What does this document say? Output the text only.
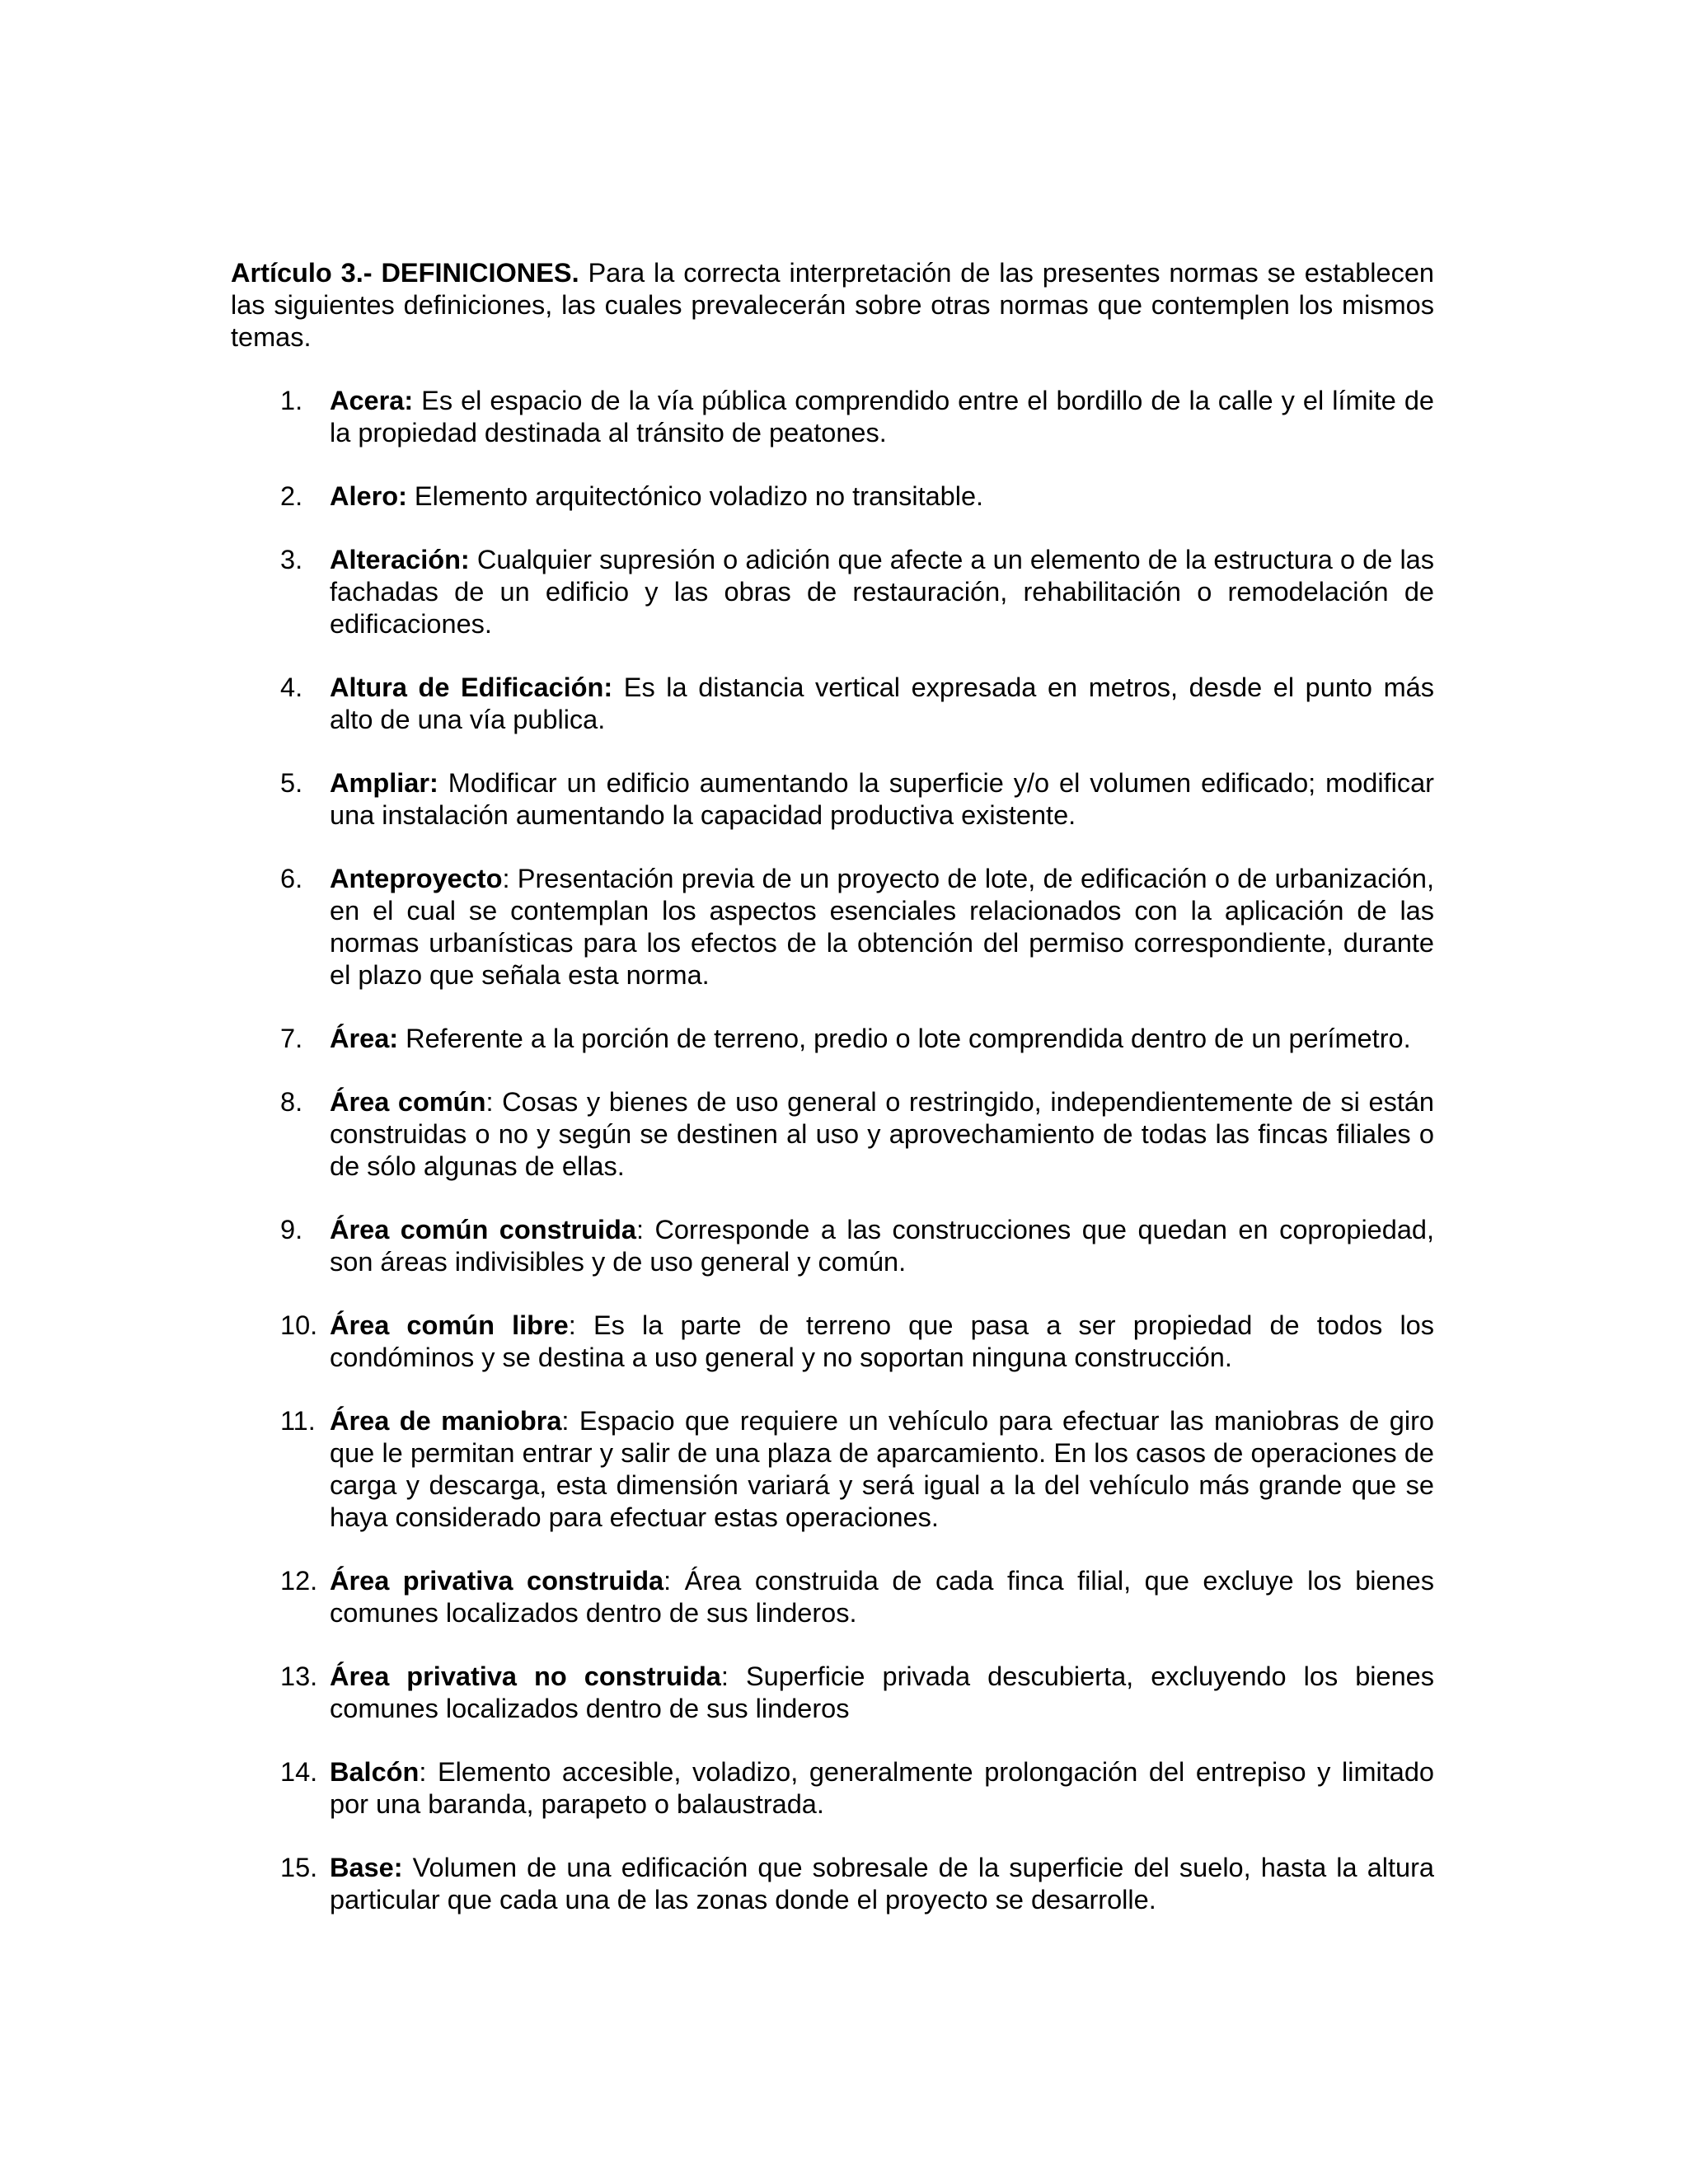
Artículo 3.- DEFINICIONES. Para la correcta interpretación de las presentes normas se establecen las siguientes definiciones, las cuales prevalecerán sobre otras normas que contemplen los mismos temas.

1. Acera: Es el espacio de la vía pública comprendido entre el bordillo de la calle y el límite de la propiedad destinada al tránsito de peatones.
2. Alero: Elemento arquitectónico voladizo no transitable.
3. Alteración: Cualquier supresión o adición que afecte a un elemento de la estructura o de las fachadas de un edificio y las obras de restauración, rehabilitación o remodelación de edificaciones.
4. Altura de Edificación: Es la distancia vertical expresada en metros, desde el punto más alto de una vía publica.
5. Ampliar: Modificar un edificio aumentando la superficie y/o el volumen edificado; modificar una instalación aumentando la capacidad productiva existente.
6. Anteproyecto: Presentación previa de un proyecto de lote, de edificación o de urbanización, en el cual se contemplan los aspectos esenciales relacionados con la aplicación de las normas urbanísticas para los efectos de la obtención del permiso correspondiente, durante el plazo que señala esta norma.
7. Área: Referente a la porción de terreno, predio o lote comprendida dentro de un perímetro.
8. Área común: Cosas y bienes de uso general o restringido, independientemente de si están construidas o no y según se destinen al uso y aprovechamiento de todas las fincas filiales o de sólo algunas de ellas.
9. Área común construida: Corresponde a las construcciones que quedan en copropiedad, son áreas indivisibles y de uso general y común.
10. Área común libre: Es la parte de terreno que pasa a ser propiedad de todos los condóminos y se destina a uso general y no soportan ninguna construcción.
11. Área de maniobra: Espacio que requiere un vehículo para efectuar las maniobras de giro que le permitan entrar y salir de una plaza de aparcamiento. En los casos de operaciones de carga y descarga, esta dimensión variará y será igual a la del vehículo más grande que se haya considerado para efectuar estas operaciones.
12. Área privativa construida: Área construida de cada finca filial, que excluye los bienes comunes localizados dentro de sus linderos.
13. Área privativa no construida: Superficie privada descubierta, excluyendo los bienes comunes localizados dentro de sus linderos
14. Balcón: Elemento accesible, voladizo, generalmente prolongación del entrepiso y limitado por una baranda, parapeto o balaustrada.
15. Base: Volumen de una edificación que sobresale de la superficie del suelo, hasta la altura particular que cada una de las zonas donde el proyecto se desarrolle.
